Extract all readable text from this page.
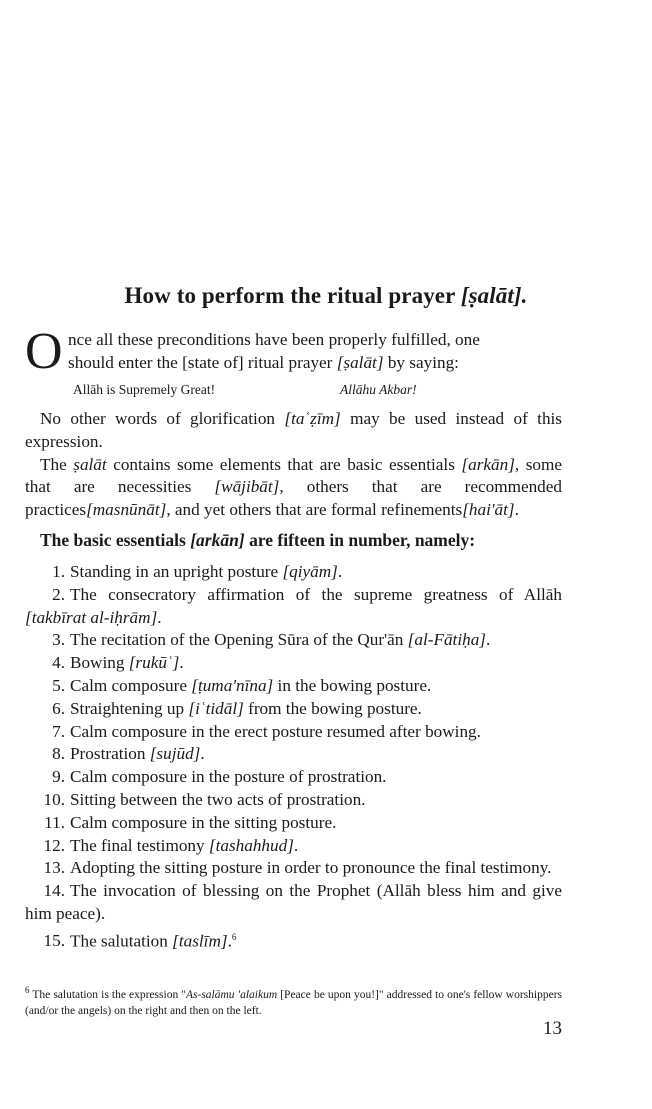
How to perform the ritual prayer [ṣalāt].
O nce all these preconditions have been properly fulfilled, one
should enter the [state of] ritual prayer [ṣalāt] by saying:
Allāh is Supremely Great!	Allāhu Akbar!

No other words of glorification [taʿẓīm] may be used instead of this expression.

The ṣalāt contains some elements that are basic essentials [arkān], some that are necessities [wājibāt], others that are recommended practices[masnūnāt], and yet others that are formal refinements[hai'āt].

The basic essentials [arkān] are fifteen in number, namely:
1. Standing in an upright posture [qiyām].
2. The consecratory affirmation of the supreme greatness of Allāh [takbīrat al-iḥrām].
3. The recitation of the Opening Sūra of the Qur'ān [al-Fātiḥa].
4. Bowing [rukūʿ].
5. Calm composure [ṭuma'nīna] in the bowing posture.
6. Straightening up [iʿtidāl] from the bowing posture.
7. Calm composure in the erect posture resumed after bowing.
8. Prostration [sujūd].
9. Calm composure in the posture of prostration.
10. Sitting between the two acts of prostration.
11. Calm composure in the sitting posture.
12. The final testimony [tashahhud].
13. Adopting the sitting posture in order to pronounce the final testimony.
14. The invocation of blessing on the Prophet (Allāh bless him and give him peace).
15. The salutation [taslīm].$^6$
$^6$ The salutation is the expression "As-salāmu 'alaikum [Peace be upon you!]" addressed to one's fellow worshippers (and/or the angels) on the right and then on the left.
13
